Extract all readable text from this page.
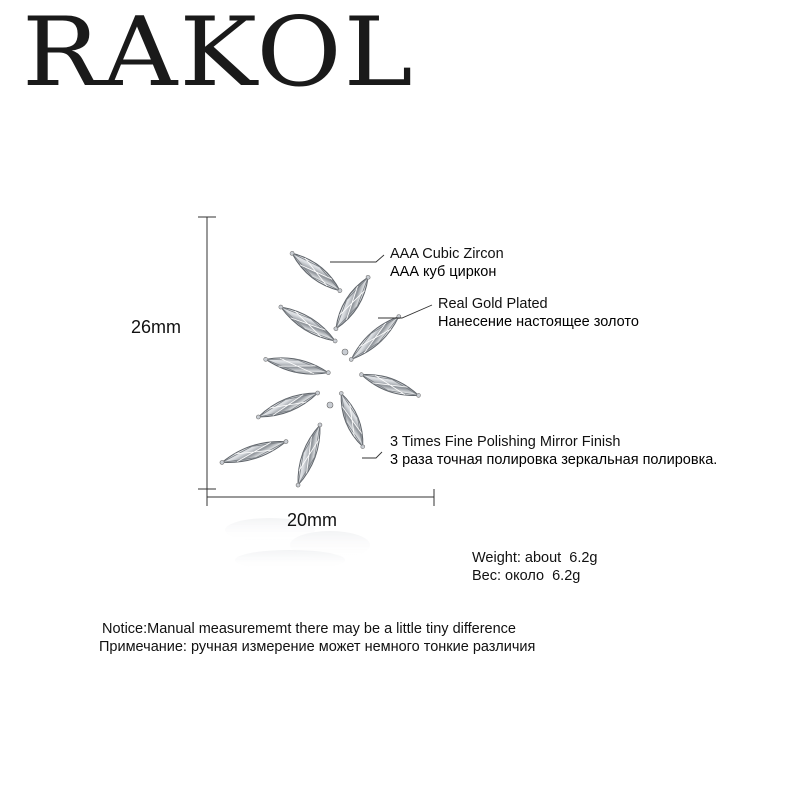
RAKOL
AAA Cubic Zircon
ААА куб циркон
Real Gold Plated
Нанесение настоящее золото
3 Times Fine Polishing Mirror Finish
3 раза точная полировка зеркальная полировка.
26mm
20mm
Weight: about  6.2g
Вес: около  6.2g
Notice:Manual measurememt there may be a little tiny difference
Примечание: ручная измерение может немного тонкие различия
